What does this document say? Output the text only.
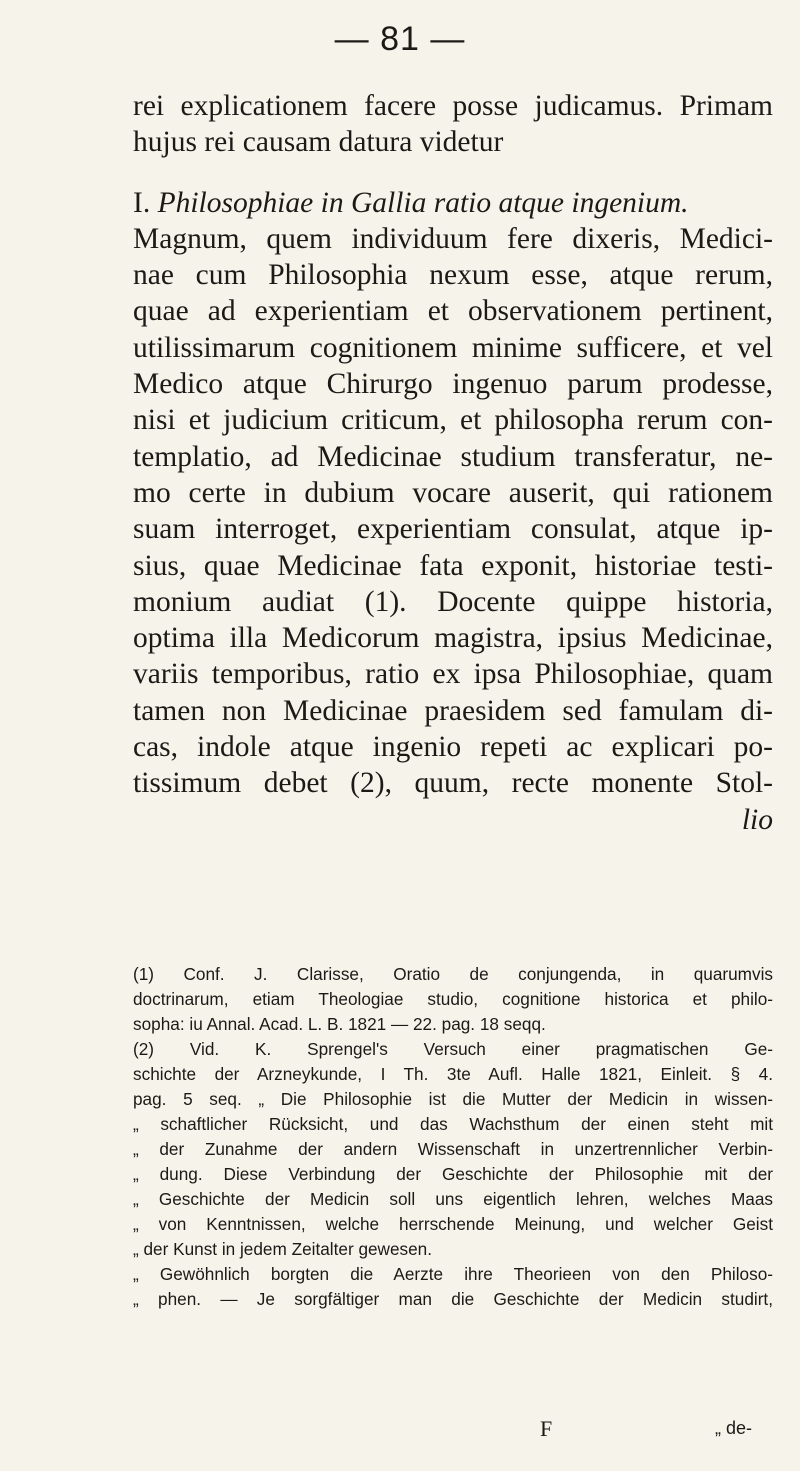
— 81 —
rei explicationem facere posse judicamus. Primam
hujus rei causam datura videtur
I. Philosophiae in Gallia ratio atque ingenium.
Magnum, quem individuum fere dixeris, Medici-
nae cum Philosophia nexum esse, atque rerum,
quae ad experientiam et observationem pertinent,
utilissimarum cognitionem minime sufficere, et vel
Medico atque Chirurgo ingenuo parum prodesse,
nisi et judicium criticum, et philosopha rerum con-
templatio, ad Medicinae studium transferatur, ne-
mo certe in dubium vocare auserit, qui rationem
suam interroget, experientiam consulat, atque ip-
sius, quae Medicinae fata exponit, historiae testi-
monium audiat (1). Docente quippe historia,
optima illa Medicorum magistra, ipsius Medicinae,
variis temporibus, ratio ex ipsa Philosophiae, quam
tamen non Medicinae praesidem sed famulam di-
cas, indole atque ingenio repeti ac explicari po-
tissimum debet (2), quum, recte monente Stol-
lio
(1) Conf. J. Clarisse, Oratio de conjungenda, in quarumvis
doctrinarum, etiam Theologiae studio, cognitione historica et philo-
sopha: iu Annal. Acad. L. B. 1821 — 22. pag. 18 seqq.
(2) Vid. K. Sprengel's Versuch einer pragmatischen Ge-
schichte der Arzneykunde, I Th. 3te Aufl. Halle 1821, Einleit. § 4.
pag. 5 seq. „ Die Philosophie ist die Mutter der Medicin in wissen-
„ schaftlicher Rücksicht, und das Wachsthum der einen steht mit
„ der Zunahme der andern Wissenschaft in unzertrennlicher Verbin-
„ dung. Diese Verbindung der Geschichte der Philosophie mit der
„ Geschichte der Medicin soll uns eigentlich lehren, welches Maas
„ von Kenntnissen, welche herrschende Meinung, und welcher Geist
„ der Kunst in jedem Zeitalter gewesen.
„ Gewöhnlich borgten die Aerzte ihre Theorieen von den Philoso-
„ phen. — Je sorgfältiger man die Geschichte der Medicin studirt,
F	„ de-
